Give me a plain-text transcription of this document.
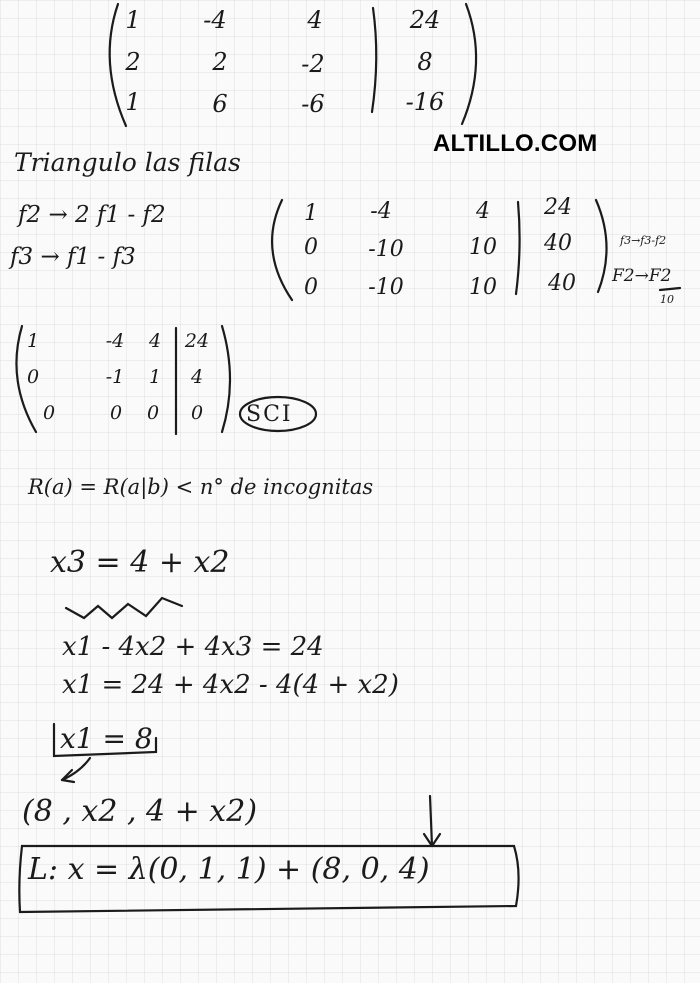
ALTILLO.COM
1	-4	4	24
2	2	-2	8
1	6	-6	-16
Triangulo las filas
f2 → 2 f1 - f2
f3 → f1 - f3
1	-4	4	24
0	-10	10	40
0	-10	10	40
f3→f3-f2
F2→F2
10
1	-4	4	24
0	-1	1	4
0	0	0	0 SCI
R(a) = R(a|b) < n° de incognitas
x3 = 4 + x2
x1 - 4x2 + 4x3 = 24
x1 = 24 + 4x2 - 4(4 + x2)
x1 = 8
(8 , x2 , 4 + x2)
L: x = λ(0, 1, 1) + (8, 0, 4)
